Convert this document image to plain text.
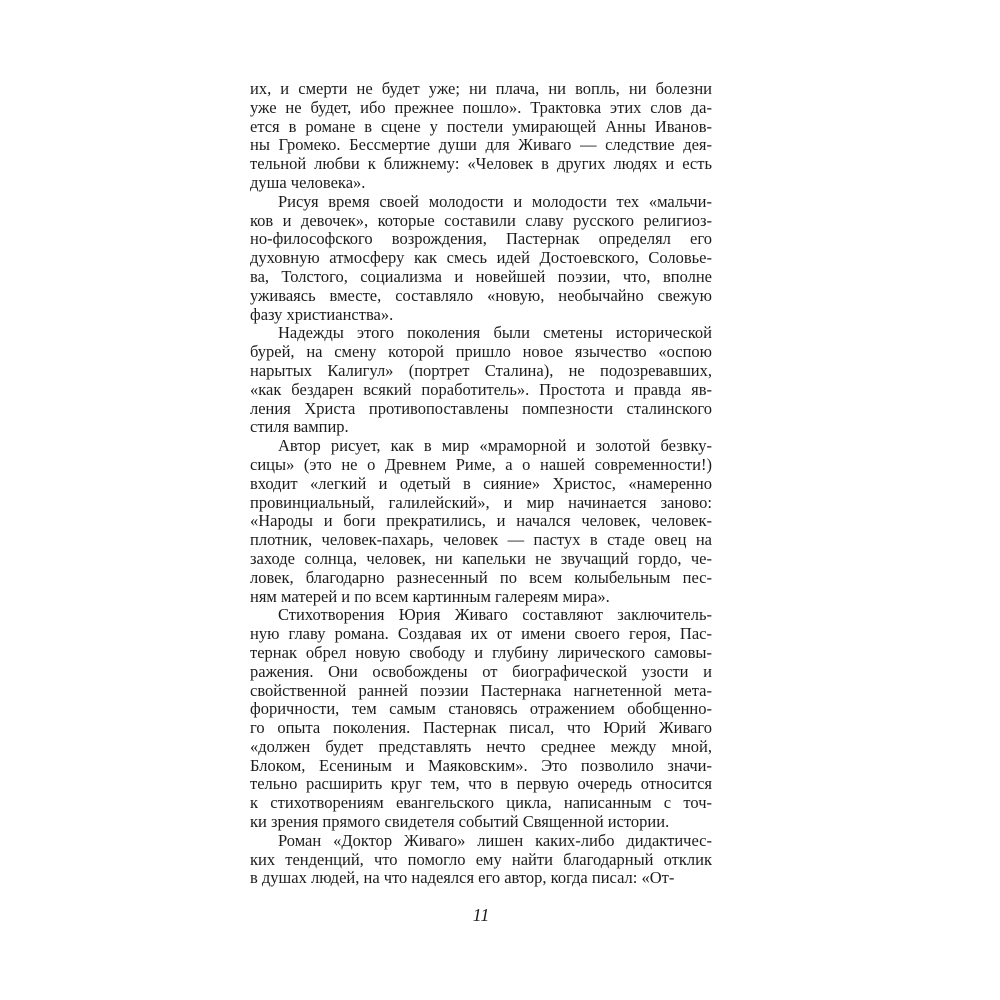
их, и смерти не будет уже; ни плача, ни вопль, ни болезни
уже не будет, ибо прежнее пошло». Трактовка этих слов да-
ется в романе в сцене у постели умирающей Анны Иванов-
ны Громеко. Бессмертие души для Живаго — следствие дея-
тельной любви к ближнему: «Человек в других людях и есть
душа человека».
Рисуя время своей молодости и молодости тех «мальчи-
ков и девочек», которые составили славу русского религиоз-
но-философского возрождения, Пастернак определял его
духовную атмосферу как смесь идей Достоевского, Соловье-
ва, Толстого, социализма и новейшей поэзии, что, вполне
уживаясь вместе, составляло «новую, необычайно свежую
фазу христианства».
Надежды этого поколения были сметены исторической
бурей, на смену которой пришло новое язычество «оспою
нарытых Калигул» (портрет Сталина), не подозревавших,
«как бездарен всякий поработитель». Простота и правда яв-
ления Христа противопоставлены помпезности сталинского
стиля вампир.
Автор рисует, как в мир «мраморной и золотой безвку-
сицы» (это не о Древнем Риме, а о нашей современности!)
входит «легкий и одетый в сияние» Христос, «намеренно
провинциальный, галилейский», и мир начинается заново:
«Народы и боги прекратились, и начался человек, человек-
плотник, человек-пахарь, человек — пастух в стаде овец на
заходе солнца, человек, ни капельки не звучащий гордо, че-
ловек, благодарно разнесенный по всем колыбельным пес-
ням матерей и по всем картинным галереям мира».
Стихотворения Юрия Живаго составляют заключитель-
ную главу романа. Создавая их от имени своего героя, Пас-
тернак обрел новую свободу и глубину лирического самовы-
ражения. Они освобождены от биографической узости и
свойственной ранней поэзии Пастернака нагнетенной мета-
форичности, тем самым становясь отражением обобщенно-
го опыта поколения. Пастернак писал, что Юрий Живаго
«должен будет представлять нечто среднее между мной,
Блоком, Есениным и Маяковским». Это позволило значи-
тельно расширить круг тем, что в первую очередь относится
к стихотворениям евангельского цикла, написанным с точ-
ки зрения прямого свидетеля событий Священной истории.
Роман «Доктор Живаго» лишен каких-либо дидактичес-
ких тенденций, что помогло ему найти благодарный отклик
в душах людей, на что надеялся его автор, когда писал: «От-
11
